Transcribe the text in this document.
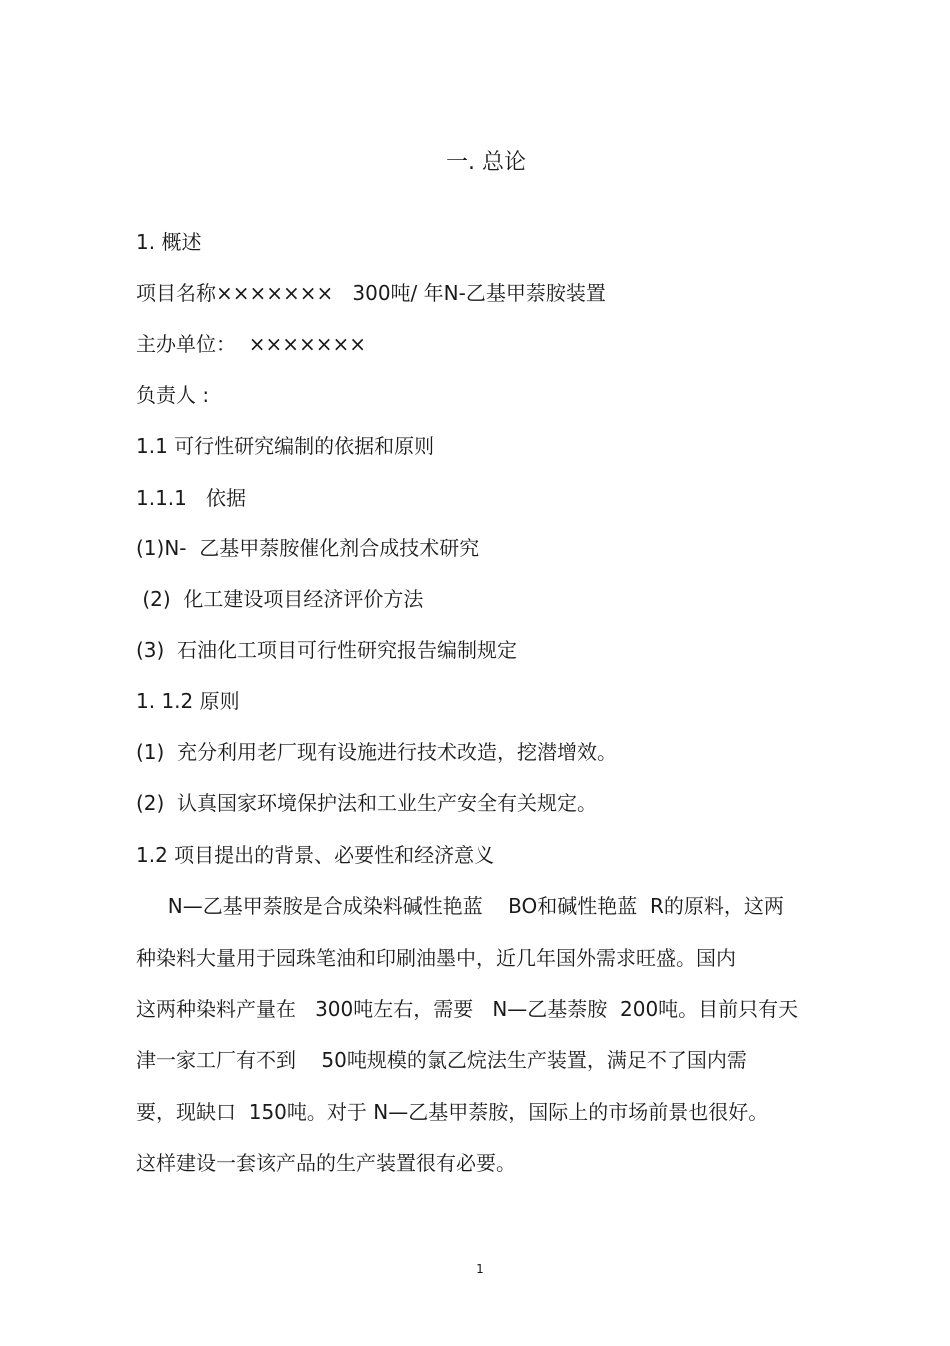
一. 总论
1. 概述
项目名称×××××××   300吨/ 年N-乙基甲萘胺装置
主办单位：  ×××××××
负责人 :
1.1 可行性研究编制的依据和原则
1.1.1   依据
(1)N-  乙基甲萘胺催化剂合成技术研究
(2)  化工建设项目经济评价方法
(3)  石油化工项目可行性研究报告编制规定
1. 1.2 原则
(1)  充分利用老厂现有设施进行技术改造，挖潜增效。
(2)  认真国家环境保护法和工业生产安全有关规定。
1.2 项目提出的背景、必要性和经济意义
N—乙基甲萘胺是合成染料碱性艳蓝    BO和碱性艳蓝  R的原料，这两
种染料大量用于园珠笔油和印刷油墨中，近几年国外需求旺盛。国内
这两种染料产量在   300吨左右，需要   N—乙基萘胺  200吨。目前只有天
津一家工厂有不到    50吨规模的氯乙烷法生产装置，满足不了国内需
要，现缺口  150吨。对于 N—乙基甲萘胺，国际上的市场前景也很好。
这样建设一套该产品的生产装置很有必要。
1
